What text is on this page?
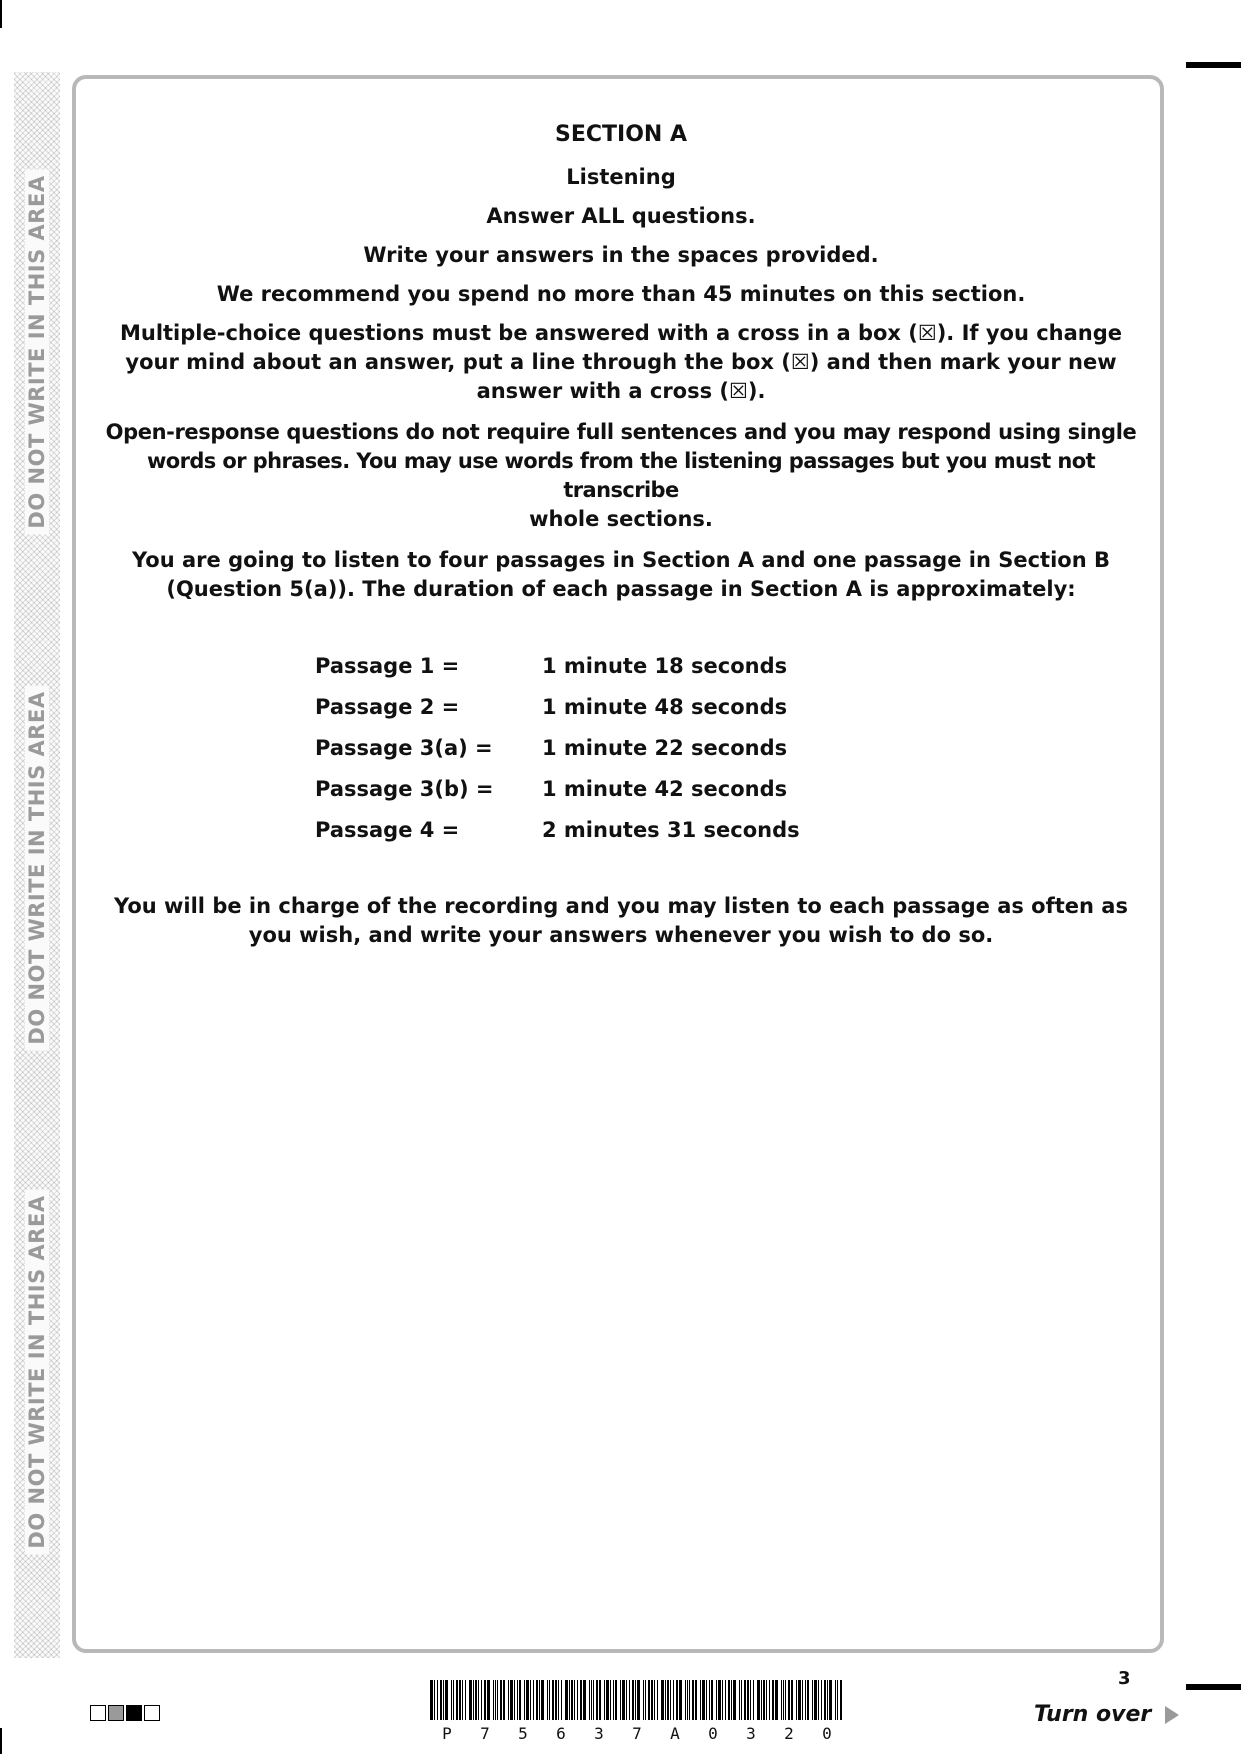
DO NOT WRITE IN THIS AREA
DO NOT WRITE IN THIS AREA
DO NOT WRITE IN THIS AREA

SECTION A

Listening

Answer ALL questions.

Write your answers in the spaces provided.

We recommend you spend no more than 45 minutes on this section.

Multiple-choice questions must be answered with a cross in a box (☒). If you change
your mind about an answer, put a line through the box (☒) and then mark your new
answer with a cross (☒).

Open-response questions do not require full sentences and you may respond using single
words or phrases. You may use words from the listening passages but you must not transcribe
whole sections.

You are going to listen to four passages in Section A and one passage in Section B
(Question 5(a)). The duration of each passage in Section A is approximately:

Passage 1 =	1 minute 18 seconds
Passage 2 =	1 minute 48 seconds
Passage 3(a) =	1 minute 22 seconds
Passage 3(b) =	1 minute 42 seconds
Passage 4 =	2 minutes 31 seconds
You will be in charge of the recording and you may listen to each passage as often as
you wish, and write your answers whenever you wish to do so.
3
P 7 5 6 3 7 A 0 3 2 0
Turn over
